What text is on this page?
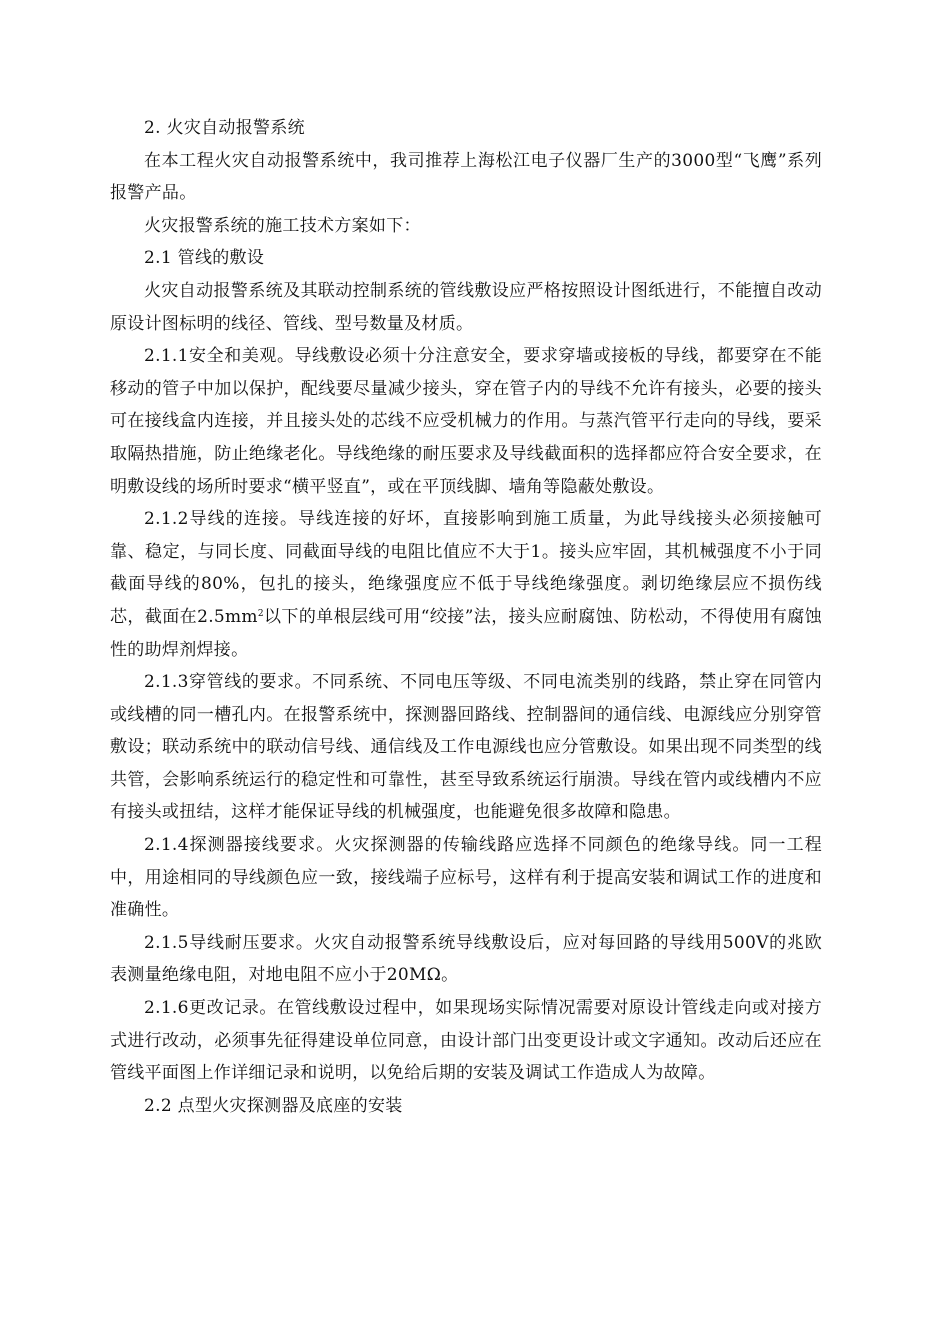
2. 火灾自动报警系统

在本工程火灾自动报警系统中，我司推荐上海松江电子仪器厂生产的3000型“飞鹰”系列报警产品。

火灾报警系统的施工技术方案如下：

2.1 管线的敷设

火灾自动报警系统及其联动控制系统的管线敷设应严格按照设计图纸进行，不能擅自改动原设计图标明的线径、管线、型号数量及材质。

2.1.1安全和美观。导线敷设必须十分注意安全，要求穿墙或接板的导线，都要穿在不能移动的管子中加以保护，配线要尽量减少接头，穿在管子内的导线不允许有接头，必要的接头可在接线盒内连接，并且接头处的芯线不应受机械力的作用。与蒸汽管平行走向的导线，要采取隔热措施，防止绝缘老化。导线绝缘的耐压要求及导线截面积的选择都应符合安全要求，在明敷设线的场所时要求“横平竖直”，或在平顶线脚、墙角等隐蔽处敷设。

2.1.2导线的连接。导线连接的好坏，直接影响到施工质量，为此导线接头必须接触可靠、稳定，与同长度、同截面导线的电阻比值应不大于1。接头应牢固，其机械强度不小于同截面导线的80%，包扎的接头，绝缘强度应不低于导线绝缘强度。剥切绝缘层应不损伤线芯，截面在$2.5mm^2$以下的单根层线可用“绞接”法，接头应耐腐蚀、防松动，不得使用有腐蚀性的助焊剂焊接。

2.1.3穿管线的要求。不同系统、不同电压等级、不同电流类别的线路，禁止穿在同管内或线槽的同一槽孔内。在报警系统中，探测器回路线、控制器间的通信线、电源线应分别穿管敷设；联动系统中的联动信号线、通信线及工作电源线也应分管敷设。如果出现不同类型的线共管，会影响系统运行的稳定性和可靠性，甚至导致系统运行崩溃。导线在管内或线槽内不应有接头或扭结，这样才能保证导线的机械强度，也能避免很多故障和隐患。

2.1.4探测器接线要求。火灾探测器的传输线路应选择不同颜色的绝缘导线。同一工程中，用途相同的导线颜色应一致，接线端子应标号，这样有利于提高安装和调试工作的进度和准确性。

2.1.5导线耐压要求。火灾自动报警系统导线敷设后，应对每回路的导线用500V的兆欧表测量绝缘电阻，对地电阻不应小于20MΩ。

2.1.6更改记录。在管线敷设过程中，如果现场实际情况需要对原设计管线走向或对接方式进行改动，必须事先征得建设单位同意，由设计部门出变更设计或文字通知。改动后还应在管线平面图上作详细记录和说明，以免给后期的安装及调试工作造成人为故障。

2.2 点型火灾探测器及底座的安装
